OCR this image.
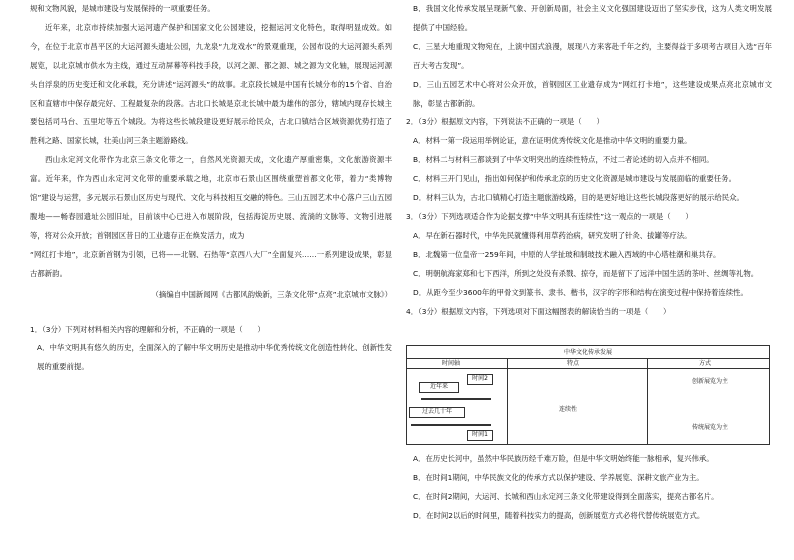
规和文物风貌，是城市建设与发展保持的一项重要任务。

近年来，北京市持续加强大运河遗产保护和国家文化公园建设，挖掘运河文化特色，取得明显成效。如今，在位于北京市昌平区的大运河源头遗址公园，九龙泉“九龙戏水”的景观重现，公园布设的大运河源头系列展览，以北京城市供水为主线，通过互动屏幕等科技手段，以河之源、都之源、城之源为文化轴，展现运河源头自浮泉的历史变迁和文化承载，充分讲述“运河源头”的故事。北京段长城是中国有长城分布的15个省、自治区和直辖市中保存最完好、工程最复杂的段落。古北口长城是京北长城中最为雄伟的部分，辖域内现存长城主要包括司马台、五里坨等五个城段。为将这些长城段建设更好展示给民众，古北口镇结合区域资源优势打造了胜利之路、国家长城，壮美山河三条主题游路线。

西山永定河文化带作为北京三条文化带之一，自然风光资源天成，文化遗产厚重密集，文化旅游资源丰富。近年来，作为西山永定河文化带的重要承载之地，北京市石景山区围绕重塑首都文化带，着力“类博物馆”建设与运营，多元展示石景山区历史与现代、文化与科技相互交融的特色。三山五园艺术中心落户三山五园腹地——畅春园遗址公园旧址，目前该中心已进入布展阶段，包括海淀历史展、流淌的文脉等、文物引进展等，将对公众开放；首钢园区昔日的工业遗存正在焕发活力，成为

“网红打卡地”，北京新首钢为引领，已将——北钢、石热等“京西八大厂”全面复兴……一系列建设成果，彰显古都新韵。

（摘编自中国新闻网《古都风韵焕新，三条文化带“点亮”北京城市文脉》）

1．（3分）下列对材料相关内容的理解和分析，不正确的一项是（　　）

A．中华文明具有悠久的历史，全面深入的了解中华文明历史是推动中华优秀传统文化创造性转化、创新性发展的重要前提。

B．我国文化传承发展呈现新气象、开创新局面，社会主义文化强国建设迈出了坚实步伐，这为人类文明发展提供了中国经验。

C．三星大地重现文物宛在，上演中国式浪漫，展现八方来客赴千年之约，主要得益于多项考古项目入选“百年百大考古发现”。

D．三山五园艺术中心将对公众开放，首钢园区工业遗存成为“网红打卡地”，这些建设成果点亮北京城市文脉，彰显古都新韵。

2．（3分）根据原文内容，下列说法不正确的一项是（　　）

A．材料一第一段运用举例论证，意在证明优秀传统文化是推动中华文明的重要力量。

B．材料二与材料三都谈到了中华文明突出的连续性特点，不过二者论述的切入点并不相同。

C．材料三开门见山，指出如何保护和传承北京的历史文化资源是城市建设与发展面临的重要任务。

D．材料三认为，古北口镇精心打造主题旅游线路，目的是更好地让这些长城段落更好的展示给民众。

3．（3分）下列选项适合作为论据支撑“中华文明具有连续性”这一观点的一项是（　　）

A．早在新石器时代，中华先民就懂得利用草药治病，研究发明了针灸、拔罐等疗法。

B．北魏第一位皇帝一259年间，中原的人学扯玻和制玻技术融入西域的中心塔桂潮和巢共存。

C．明朝航海家郑和七下西洋，所到之处没有杀戮、掠夺，而是留下了远洋中国生活的茶叶、丝绸等礼物。

D．从距今至少3600年的甲骨文到篆书、隶书、楷书，汉字的字形和结构在演变过程中保持着连续性。

4．（3分）根据原文内容，下列选项对下面这幅图表的解读恰当的一项是（　　）

中华文化传承发展
时间轴	特点	方式
近年来
时间2
过去几十年
时间1
连续性
创新展览为主
传统展览为主

A．在历史长河中，虽然中华民族历经千难万险，但是中华文明始终能一脉相承，复兴伟承。

B．在时间1期间，中华民族文化的传承方式以保护建设、学养展览、深耕文旅产业为主。

C．在时间2期间，大运河、长城和西山永定河三条文化带建设得到全面落实，提亮古都名片。

D．在时间2以后的时间里，随着科技实力的提高，创新展览方式必将代替传统展览方式。
